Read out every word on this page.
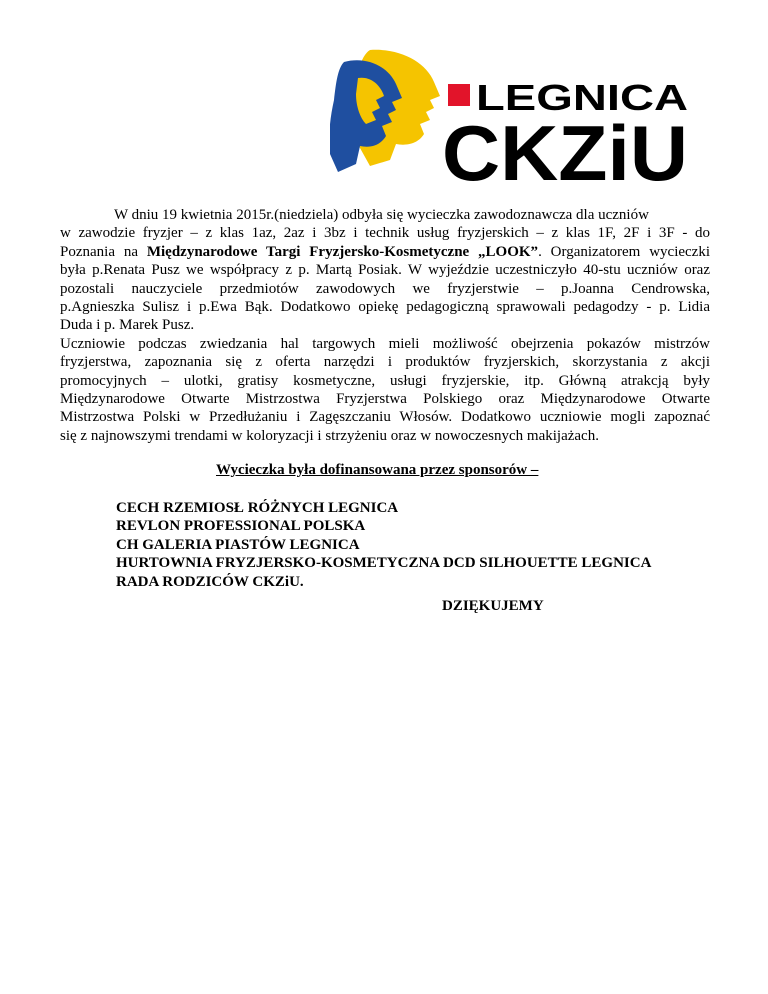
LEGNICA
CKZiU

W dniu 19 kwietnia 2015r.(niedziela) odbyła się wycieczka zawodoznawcza dla uczniów
w zawodzie fryzjer – z klas 1az, 2az i 3bz i technik usług fryzjerskich – z klas 1F, 2F i 3F - do
Poznania na Międzynarodowe Targi Fryzjersko-Kosmetyczne „LOOK”. Organizatorem wycieczki
była p.Renata Pusz we współpracy z p. Martą Posiak. W wyjeździe uczestniczyło 40-stu uczniów oraz
pozostali nauczyciele przedmiotów zawodowych we fryzjerstwie – p.Joanna Cendrowska,
p.Agnieszka Sulisz i p.Ewa Bąk. Dodatkowo opiekę pedagogiczną sprawowali pedagodzy - p. Lidia
Duda i p. Marek Pusz.

Uczniowie podczas zwiedzania hal targowych mieli możliwość obejrzenia pokazów mistrzów
fryzjerstwa, zapoznania się z oferta narzędzi i produktów fryzjerskich, skorzystania z akcji
promocyjnych – ulotki, gratisy kosmetyczne, usługi fryzjerskie, itp. Główną atrakcją były
Międzynarodowe Otwarte Mistrzostwa Fryzjerstwa Polskiego oraz Międzynarodowe Otwarte
Mistrzostwa Polski w Przedłużaniu i Zagęszczaniu Włosów. Dodatkowo uczniowie mogli zapoznać
się z najnowszymi trendami w koloryzacji i strzyżeniu oraz w nowoczesnych makijażach.

Wycieczka była dofinansowana przez sponsorów –
CECH RZEMIOSŁ RÓŻNYCH LEGNICA
REVLON PROFESSIONAL POLSKA
CH GALERIA PIASTÓW LEGNICA
HURTOWNIA FRYZJERSKO-KOSMETYCZNA DCD SILHOUETTE LEGNICA
RADA RODZICÓW CKZiU.
DZIĘKUJEMY
